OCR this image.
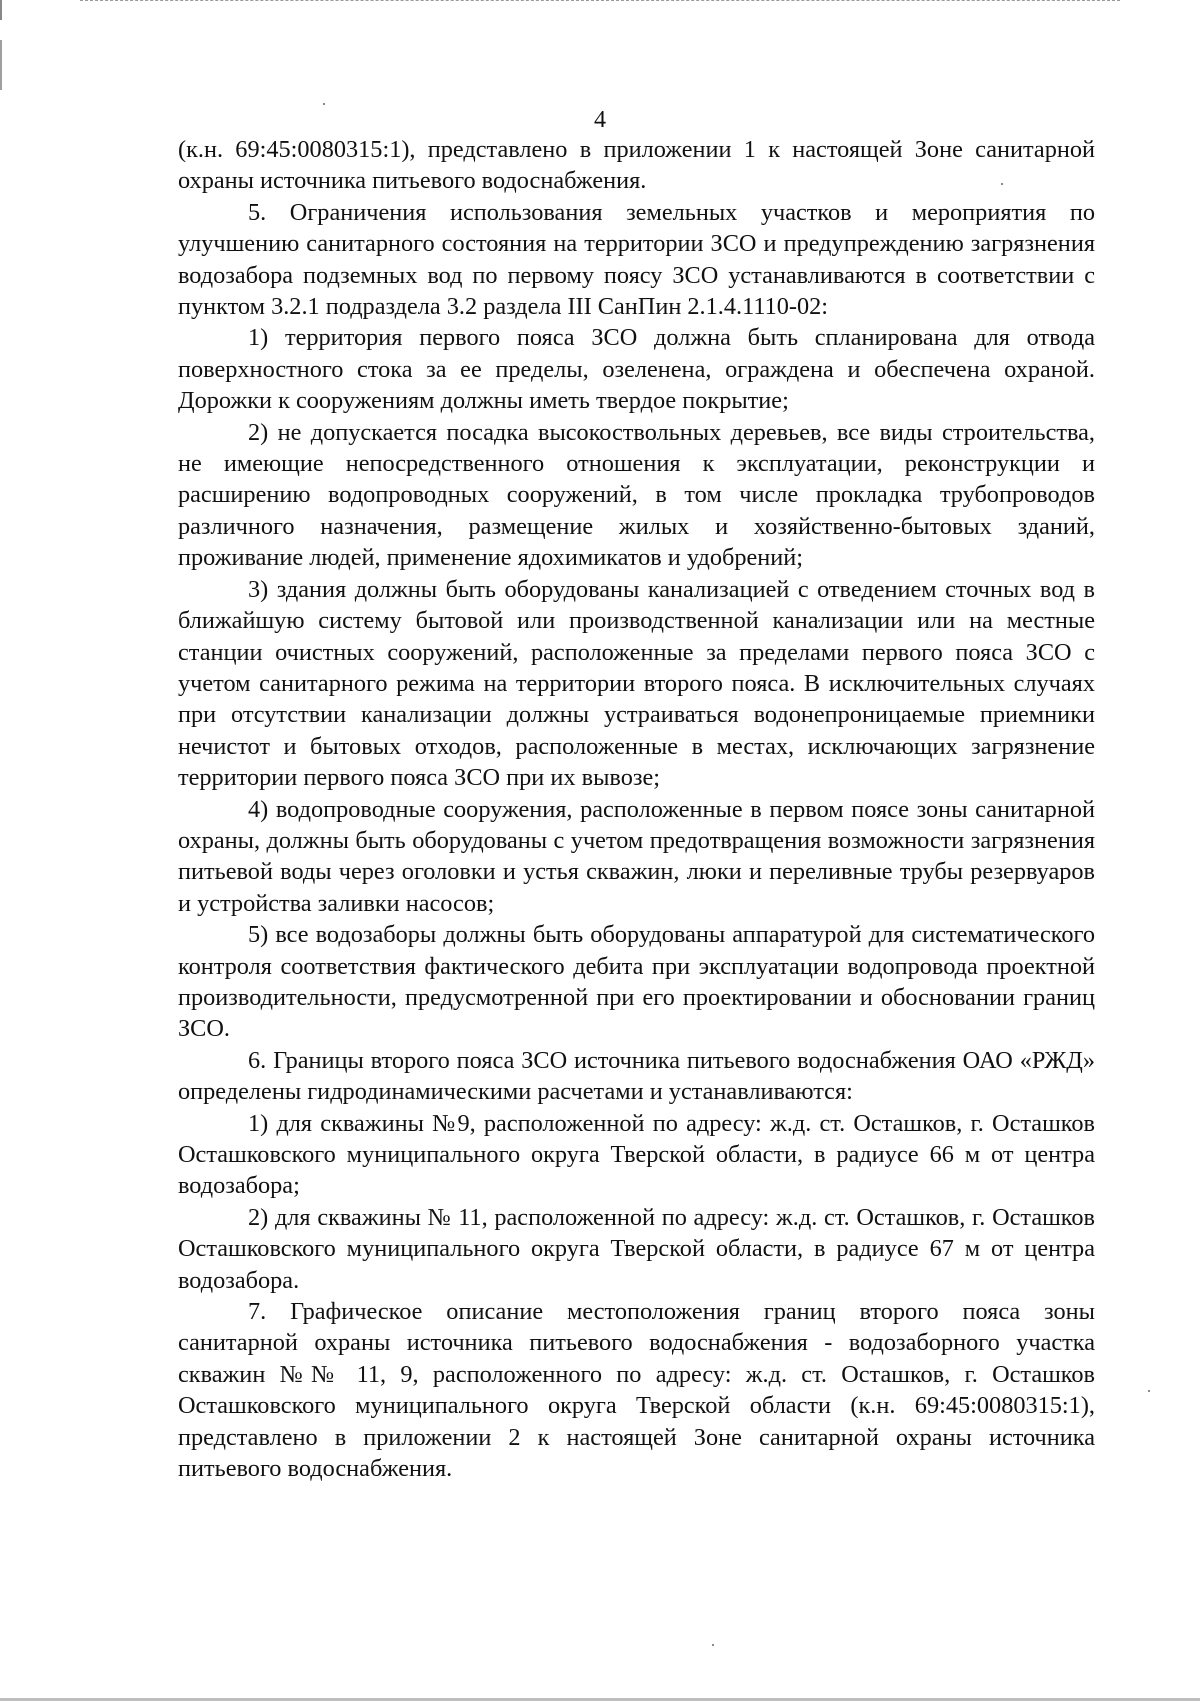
4

(к.н. 69:45:0080315:1), представлено в приложении 1 к настоящей Зоне санитарной охраны источника питьевого водоснабжения.

5. Ограничения использования земельных участков и мероприятия по улучшению санитарного состояния на территории ЗСО и предупреждению загрязнения водозабора подземных вод по первому поясу ЗСО устанавливаются в соответствии с пунктом 3.2.1 подраздела 3.2 раздела III СанПин 2.1.4.1110-02:

1) территория первого пояса ЗСО должна быть спланирована для отвода поверхностного стока за ее пределы, озеленена, ограждена и обеспечена охраной. Дорожки к сооружениям должны иметь твердое покрытие;

2) не допускается посадка высокоствольных деревьев, все виды строительства, не имеющие непосредственного отношения к эксплуатации, реконструкции и расширению водопроводных сооружений, в том числе прокладка трубопроводов различного назначения, размещение жилых и хозяйственно-бытовых зданий, проживание людей, применение ядохимикатов и удобрений;

3) здания должны быть оборудованы канализацией с отведением сточных вод в ближайшую систему бытовой или производственной канализации или на местные станции очистных сооружений, расположенные за пределами первого пояса ЗСО с учетом санитарного режима на территории второго пояса. В исключительных случаях при отсутствии канализации должны устраиваться водонепроницаемые приемники нечистот и бытовых отходов, расположенные в местах, исключающих загрязнение территории первого пояса ЗСО при их вывозе;

4) водопроводные сооружения, расположенные в первом поясе зоны санитарной охраны, должны быть оборудованы с учетом предотвращения возможности загрязнения питьевой воды через оголовки и устья скважин, люки и переливные трубы резервуаров и устройства заливки насосов;

5) все водозаборы должны быть оборудованы аппаратурой для систематического контроля соответствия фактического дебита при эксплуатации водопровода проектной производительности, предусмотренной при его проектировании и обосновании границ ЗСО.

6. Границы второго пояса ЗСО источника питьевого водоснабжения ОАО «РЖД» определены гидродинамическими расчетами и устанавливаются:

1) для скважины №9, расположенной по адресу: ж.д. ст. Осташков, г. Осташков Осташковского муниципального округа Тверской области, в радиусе 66 м от центра водозабора;

2) для скважины № 11, расположенной по адресу: ж.д. ст. Осташков, г. Осташков Осташковского муниципального округа Тверской области, в радиусе 67 м от центра водозабора.

7. Графическое описание местоположения границ второго пояса зоны санитарной охраны источника питьевого водоснабжения - водозаборного участка скважин №№ 11, 9, расположенного по адресу: ж.д. ст. Осташков, г. Осташков Осташковского муниципального округа Тверской области (к.н. 69:45:0080315:1), представлено в приложении 2 к настоящей Зоне санитарной охраны источника питьевого водоснабжения.
